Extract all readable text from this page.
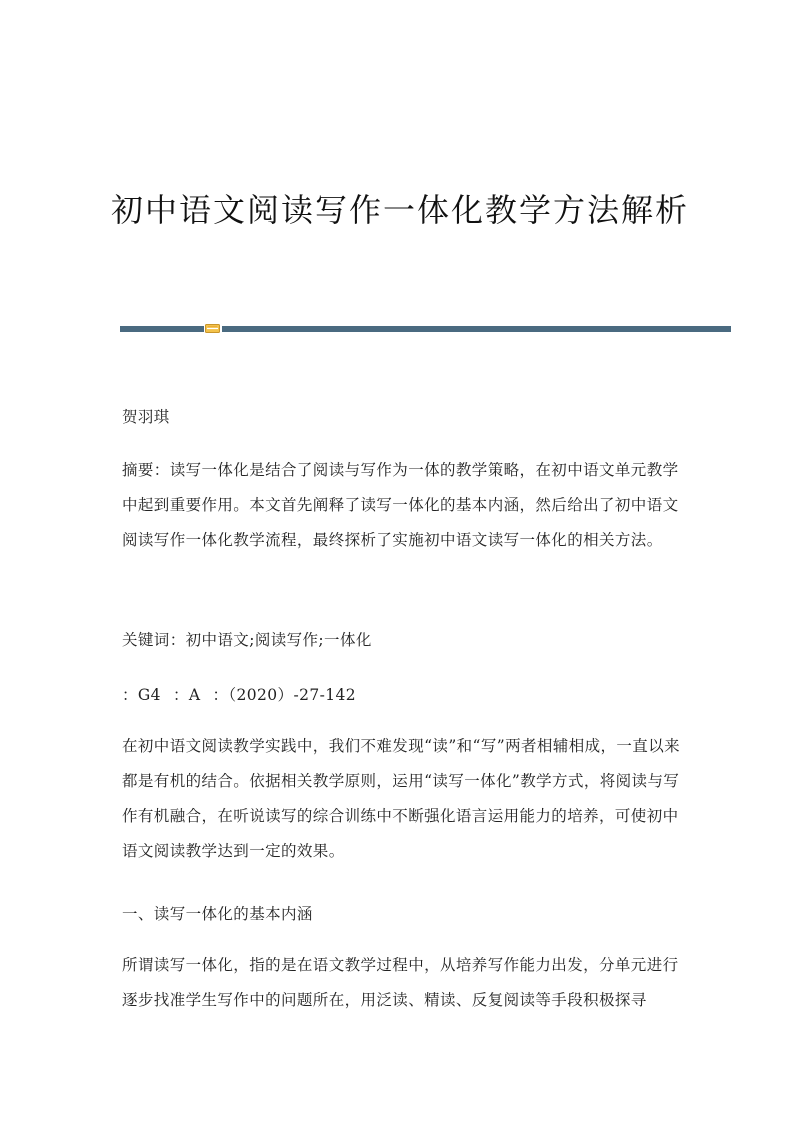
初中语文阅读写作一体化教学方法解析

贺羽琪

摘要：读写一体化是结合了阅读与写作为一体的教学策略，在初中语文单元教学中起到重要作用。本文首先阐释了读写一体化的基本内涵，然后给出了初中语文阅读写作一体化教学流程，最终探析了实施初中语文读写一体化的相关方法。

关键词：初中语文;阅读写作;一体化

：G4 ：A ：（2020）-27-142

在初中语文阅读教学实践中，我们不难发现“读”和“写”两者相辅相成，一直以来都是有机的结合。依据相关教学原则，运用“读写一体化”教学方式，将阅读与写作有机融合，在听说读写的综合训练中不断强化语言运用能力的培养，可使初中语文阅读教学达到一定的效果。

一、读写一体化的基本内涵

所谓读写一体化，指的是在语文教学过程中，从培养写作能力出发，分单元进行逐步找准学生写作中的问题所在，用泛读、精读、反复阅读等手段积极探寻
